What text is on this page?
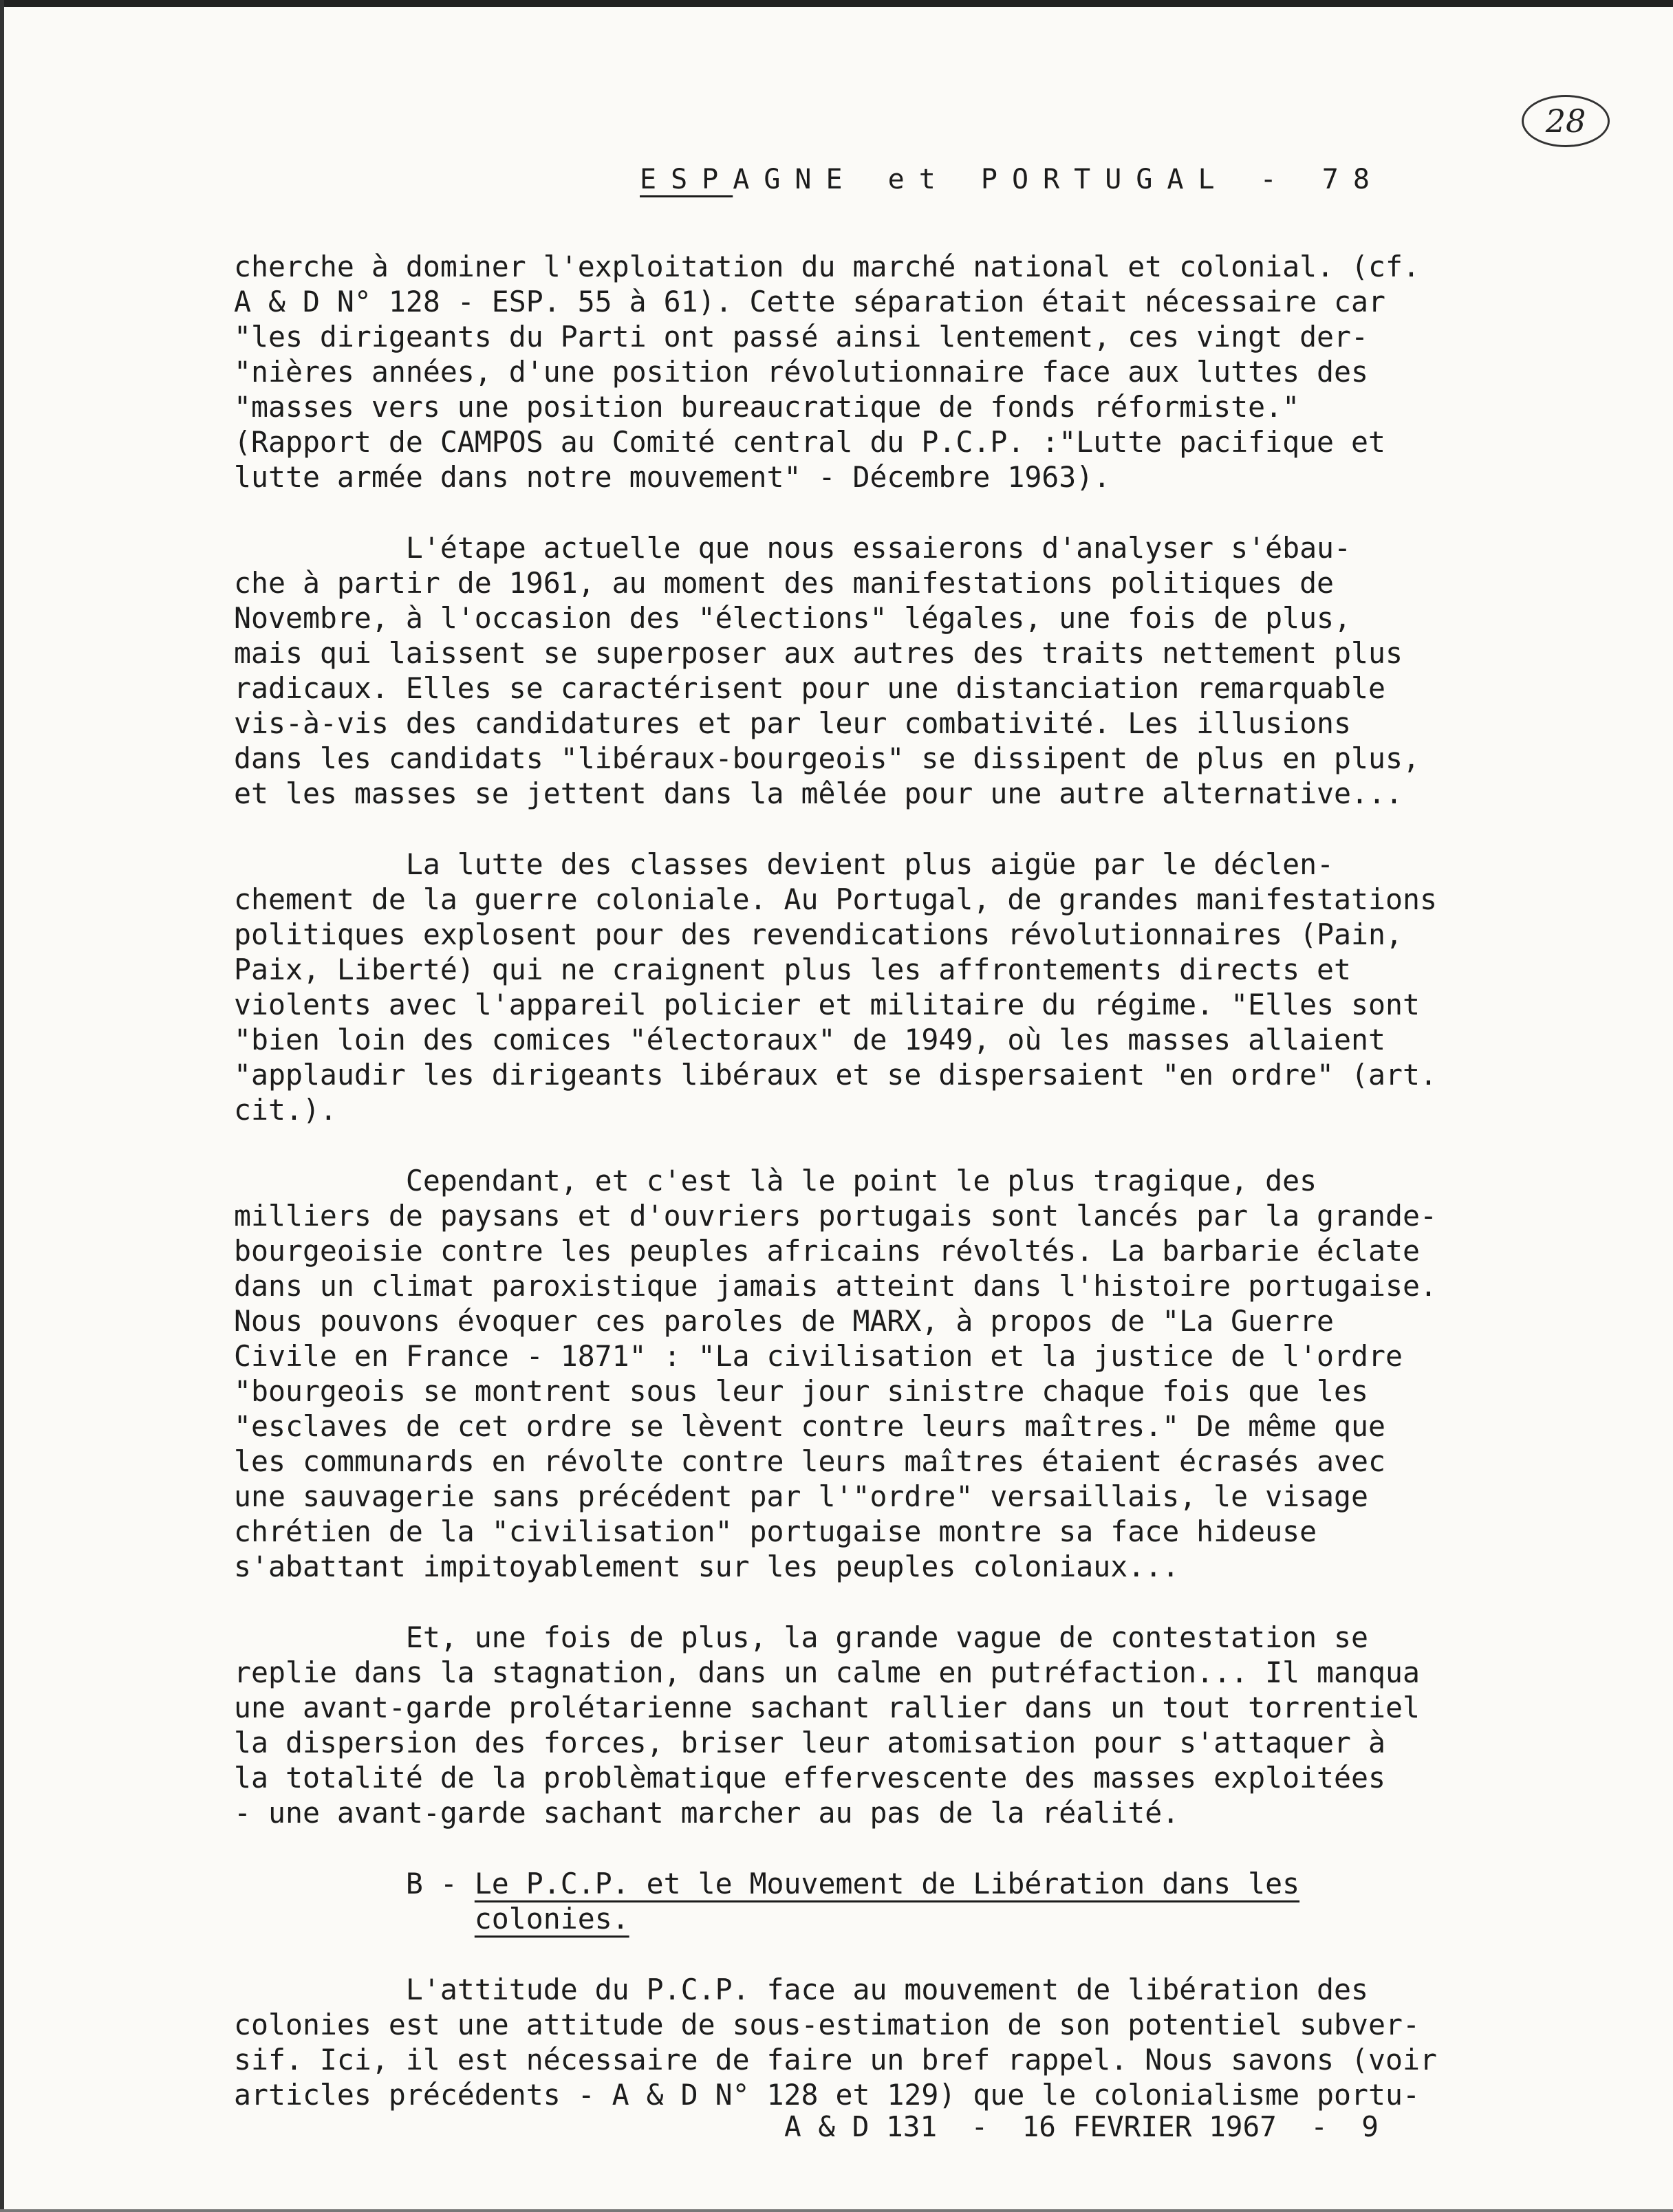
28
ESPAGNE et PORTUGAL - 78
cherche à dominer l'exploitation du marché national et colonial. (cf.
A & D N° 128 - ESP. 55 à 61). Cette séparation était nécessaire car
"les dirigeants du Parti ont passé ainsi lentement, ces vingt der-
"nières années, d'une position révolutionnaire face aux luttes des
"masses vers une position bureaucratique de fonds réformiste."
(Rapport de CAMPOS au Comité central du P.C.P. :"Lutte pacifique et
lutte armée dans notre mouvement" - Décembre 1963).
L'étape actuelle que nous essaierons d'analyser s'ébau-
che à partir de 1961, au moment des manifestations politiques de
Novembre, à l'occasion des "élections" légales, une fois de plus,
mais qui laissent se superposer aux autres des traits nettement plus
radicaux. Elles se caractérisent pour une distanciation remarquable
vis-à-vis des candidatures et par leur combativité. Les illusions
dans les candidats "libéraux-bourgeois" se dissipent de plus en plus,
et les masses se jettent dans la mêlée pour une autre alternative...
La lutte des classes devient plus aigüe par le déclen-
chement de la guerre coloniale. Au Portugal, de grandes manifestations
politiques explosent pour des revendications révolutionnaires (Pain,
Paix, Liberté) qui ne craignent plus les affrontements directs et
violents avec l'appareil policier et militaire du régime. "Elles sont
"bien loin des comices "électoraux" de 1949, où les masses allaient
"applaudir les dirigeants libéraux et se dispersaient "en ordre" (art.
cit.).
Cependant, et c'est là le point le plus tragique, des
milliers de paysans et d'ouvriers portugais sont lancés par la grande-
bourgeoisie contre les peuples africains révoltés. La barbarie éclate
dans un climat paroxistique jamais atteint dans l'histoire portugaise.
Nous pouvons évoquer ces paroles de MARX, à propos de "La Guerre
Civile en France - 1871" : "La civilisation et la justice de l'ordre
"bourgeois se montrent sous leur jour sinistre chaque fois que les
"esclaves de cet ordre se lèvent contre leurs maîtres." De même que
les communards en révolte contre leurs maîtres étaient écrasés avec
une sauvagerie sans précédent par l'"ordre" versaillais, le visage
chrétien de la "civilisation" portugaise montre sa face hideuse
s'abattant impitoyablement sur les peuples coloniaux...
Et, une fois de plus, la grande vague de contestation se
replie dans la stagnation, dans un calme en putréfaction... Il manqua
une avant-garde prolétarienne sachant rallier dans un tout torrentiel
la dispersion des forces, briser leur atomisation pour s'attaquer à
la totalité de la problèmatique effervescente des masses exploitées
- une avant-garde sachant marcher au pas de la réalité.
B - Le P.C.P. et le Mouvement de Libération dans les
colonies.
L'attitude du P.C.P. face au mouvement de libération des
colonies est une attitude de sous-estimation de son potentiel subver-
sif. Ici, il est nécessaire de faire un bref rappel. Nous savons (voir
articles précédents - A & D N° 128 et 129) que le colonialisme portu-
A & D 131  -  16 FEVRIER 1967  -  9
